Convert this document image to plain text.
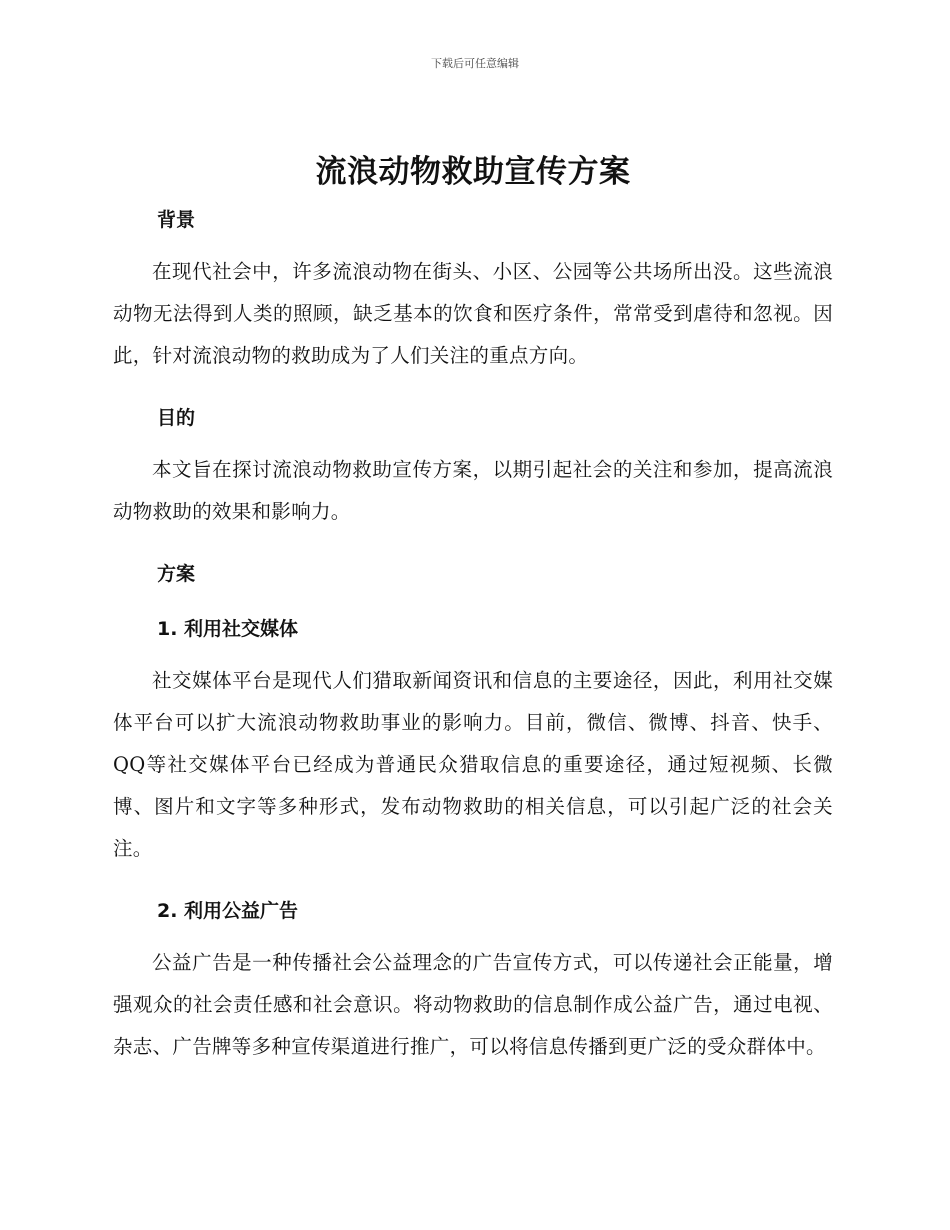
下载后可任意编辑
流浪动物救助宣传方案
背景

在现代社会中，许多流浪动物在街头、小区、公园等公共场所出没。这些流浪动物无法得到人类的照顾，缺乏基本的饮食和医疗条件，常常受到虐待和忽视。因此，针对流浪动物的救助成为了人们关注的重点方向。

目的

本文旨在探讨流浪动物救助宣传方案，以期引起社会的关注和参加，提高流浪动物救助的效果和影响力。

方案
1. 利用社交媒体

社交媒体平台是现代人们猎取新闻资讯和信息的主要途径，因此，利用社交媒体平台可以扩大流浪动物救助事业的影响力。目前，微信、微博、抖音、快手、QQ等社交媒体平台已经成为普通民众猎取信息的重要途径，通过短视频、长微博、图片和文字等多种形式，发布动物救助的相关信息，可以引起广泛的社会关注。

2. 利用公益广告

公益广告是一种传播社会公益理念的广告宣传方式，可以传递社会正能量，增强观众的社会责任感和社会意识。将动物救助的信息制作成公益广告，通过电视、杂志、广告牌等多种宣传渠道进行推广，可以将信息传播到更广泛的受众群体中。
